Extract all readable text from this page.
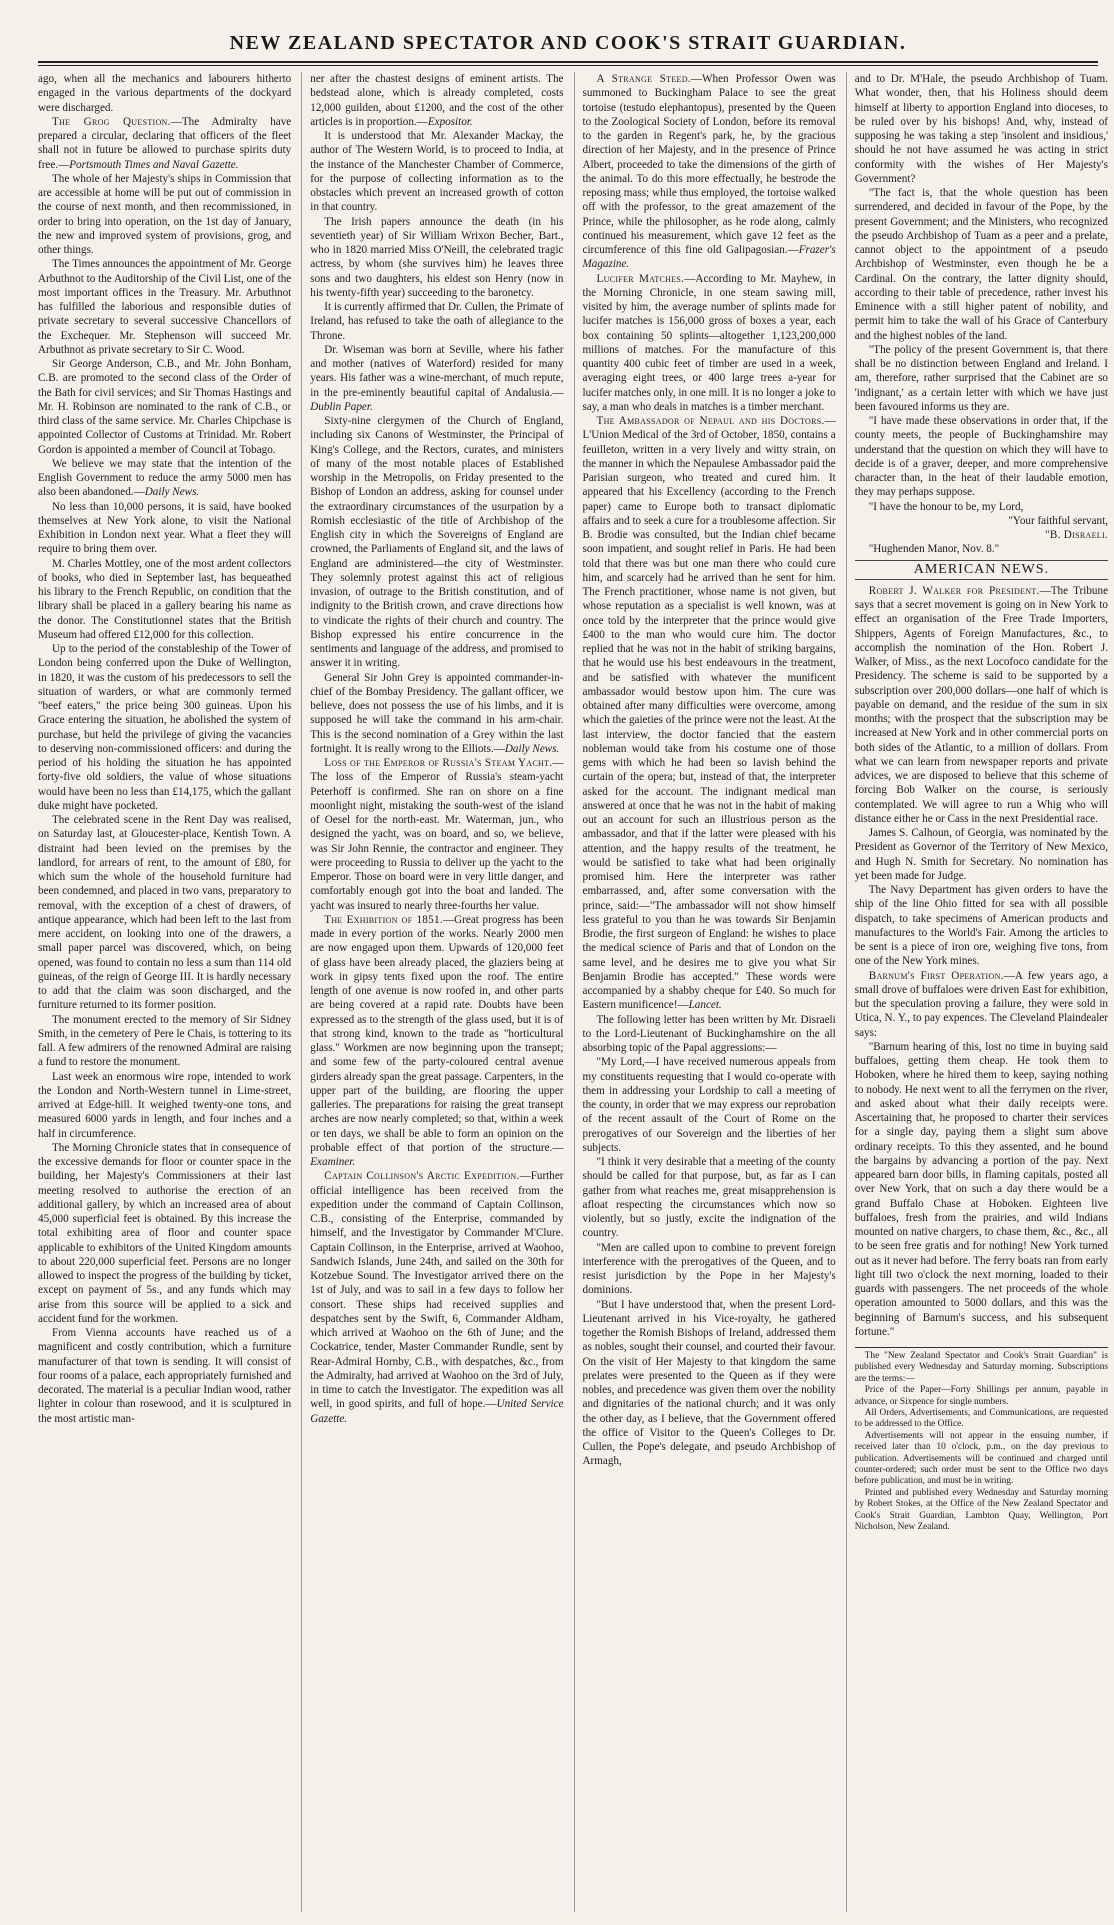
NEW ZEALAND SPECTATOR AND COOK'S STRAIT GUARDIAN.

ago, when all the mechanics and labourers hitherto engaged in the various departments of the dockyard were discharged.

The Grog Question.—The Admiralty have prepared a circular, declaring that officers of the fleet shall not in future be allowed to purchase spirits duty free.—Portsmouth Times and Naval Gazette.

The whole of her Majesty's ships in Commission that are accessible at home will be put out of commission in the course of next month, and then recommissioned, in order to bring into operation, on the 1st day of January, the new and improved system of provisions, grog, and other things.

The Times announces the appointment of Mr. George Arbuthnot to the Auditorship of the Civil List, one of the most important offices in the Treasury. Mr. Arbuthnot has fulfilled the laborious and responsible duties of private secretary to several successive Chancellors of the Exchequer. Mr. Stephenson will succeed Mr. Arbuthnot as private secretary to Sir C. Wood.

Sir George Anderson, C.B., and Mr. John Bonham, C.B. are promoted to the second class of the Order of the Bath for civil services; and Sir Thomas Hastings and Mr. H. Robinson are nominated to the rank of C.B., or third class of the same service. Mr. Charles Chipchase is appointed Collector of Customs at Trinidad. Mr. Robert Gordon is appointed a member of Council at Tobago.

We believe we may state that the intention of the English Government to reduce the army 5000 men has also been abandoned.—Daily News.

No less than 10,000 persons, it is said, have booked themselves at New York alone, to visit the National Exhibition in London next year. What a fleet they will require to bring them over.

M. Charles Mottley, one of the most ardent collectors of books, who died in September last, has bequeathed his library to the French Republic, on condition that the library shall be placed in a gallery bearing his name as the donor. The Constitutionnel states that the British Museum had offered £12,000 for this collection.

Up to the period of the constableship of the Tower of London being conferred upon the Duke of Wellington, in 1820, it was the custom of his predecessors to sell the situation of warders, or what are commonly termed "beef eaters," the price being 300 guineas. Upon his Grace entering the situation, he abolished the system of purchase, but held the privilege of giving the vacancies to deserving non-commissioned officers: and during the period of his holding the situation he has appointed forty-five old soldiers, the value of whose situations would have been no less than £14,175, which the gallant duke might have pocketed.

The celebrated scene in the Rent Day was realised, on Saturday last, at Gloucester-place, Kentish Town. A distraint had been levied on the premises by the landlord, for arrears of rent, to the amount of £80, for which sum the whole of the household furniture had been condemned, and placed in two vans, preparatory to removal, with the exception of a chest of drawers, of antique appearance, which had been left to the last from mere accident, on looking into one of the drawers, a small paper parcel was discovered, which, on being opened, was found to contain no less a sum than 114 old guineas, of the reign of George III. It is hardly necessary to add that the claim was soon discharged, and the furniture returned to its former position.

The monument erected to the memory of Sir Sidney Smith, in the cemetery of Pere le Chais, is tottering to its fall. A few admirers of the renowned Admiral are raising a fund to restore the monument.

Last week an enormous wire rope, intended to work the London and North-Western tunnel in Lime-street, arrived at Edge-hill. It weighed twenty-one tons, and measured 6000 yards in length, and four inches and a half in circumference.

The Morning Chronicle states that in consequence of the excessive demands for floor or counter space in the building, her Majesty's Commissioners at their last meeting resolved to authorise the erection of an additional gallery, by which an increased area of about 45,000 superficial feet is obtained. By this increase the total exhibiting area of floor and counter space applicable to exhibitors of the United Kingdom amounts to about 220,000 superficial feet. Persons are no longer allowed to inspect the progress of the building by ticket, except on payment of 5s., and any funds which may arise from this source will be applied to a sick and accident fund for the workmen.

From Vienna accounts have reached us of a magnificent and costly contribution, which a furniture manufacturer of that town is sending. It will consist of four rooms of a palace, each appropriately furnished and decorated. The material is a peculiar Indian wood, rather lighter in colour than rosewood, and it is sculptured in the most artistic man-

ner after the chastest designs of eminent artists. The bedstead alone, which is already completed, costs 12,000 guilden, about £1200, and the cost of the other articles is in proportion.—Expositor.

It is understood that Mr. Alexander Mackay, the author of The Western World, is to proceed to India, at the instance of the Manchester Chamber of Commerce, for the purpose of collecting information as to the obstacles which prevent an increased growth of cotton in that country.

The Irish papers announce the death (in his seventieth year) of Sir William Wrixon Becher, Bart., who in 1820 married Miss O'Neill, the celebrated tragic actress, by whom (she survives him) he leaves three sons and two daughters, his eldest son Henry (now in his twenty-fifth year) succeeding to the baronetcy.

It is currently affirmed that Dr. Cullen, the Primate of Ireland, has refused to take the oath of allegiance to the Throne.

Dr. Wiseman was born at Seville, where his father and mother (natives of Waterford) resided for many years. His father was a wine-merchant, of much repute, in the pre-eminently beautiful capital of Andalusia.—Dublin Paper.

Sixty-nine clergymen of the Church of England, including six Canons of Westminster, the Principal of King's College, and the Rectors, curates, and ministers of many of the most notable places of Established worship in the Metropolis, on Friday presented to the Bishop of London an address, asking for counsel under the extraordinary circumstances of the usurpation by a Romish ecclesiastic of the title of Archbishop of the English city in which the Sovereigns of England are crowned, the Parliaments of England sit, and the laws of England are administered—the city of Westminster. They solemnly protest against this act of religious invasion, of outrage to the British constitution, and of indignity to the British crown, and crave directions how to vindicate the rights of their church and country. The Bishop expressed his entire concurrence in the sentiments and language of the address, and promised to answer it in writing.

General Sir John Grey is appointed commander-in-chief of the Bombay Presidency. The gallant officer, we believe, does not possess the use of his limbs, and it is supposed he will take the command in his arm-chair. This is the second nomination of a Grey within the last fortnight. It is really wrong to the Elliots.—Daily News.

Loss of the Emperor of Russia's Steam Yacht.—The loss of the Emperor of Russia's steam-yacht Peterhoff is confirmed. She ran on shore on a fine moonlight night, mistaking the south-west of the island of Oesel for the north-east. Mr. Waterman, jun., who designed the yacht, was on board, and so, we believe, was Sir John Rennie, the contractor and engineer. They were proceeding to Russia to deliver up the yacht to the Emperor. Those on board were in very little danger, and comfortably enough got into the boat and landed. The yacht was insured to nearly three-fourths her value.

The Exhibition of 1851.—Great progress has been made in every portion of the works. Nearly 2000 men are now engaged upon them. Upwards of 120,000 feet of glass have been already placed, the glaziers being at work in gipsy tents fixed upon the roof. The entire length of one avenue is now roofed in, and other parts are being covered at a rapid rate. Doubts have been expressed as to the strength of the glass used, but it is of that strong kind, known to the trade as "horticultural glass." Workmen are now beginning upon the transept; and some few of the party-coloured central avenue girders already span the great passage. Carpenters, in the upper part of the building, are flooring the upper galleries. The preparations for raising the great transept arches are now nearly completed; so that, within a week or ten days, we shall be able to form an opinion on the probable effect of that portion of the structure.—Examiner.

Captain Collinson's Arctic Expedition.—Further official intelligence has been received from the expedition under the command of Captain Collinson, C.B., consisting of the Enterprise, commanded by himself, and the Investigator by Commander M'Clure. Captain Collinson, in the Enterprise, arrived at Waohoo, Sandwich Islands, June 24th, and sailed on the 30th for Kotzebue Sound. The Investigator arrived there on the 1st of July, and was to sail in a few days to follow her consort. These ships had received supplies and despatches sent by the Swift, 6, Commander Aldham, which arrived at Waohoo on the 6th of June; and the Cockatrice, tender, Master Commander Rundle, sent by Rear-Admiral Hornby, C.B., with despatches, &c., from the Admiralty, had arrived at Waohoo on the 3rd of July, in time to catch the Investigator. The expedition was all well, in good spirits, and full of hope.—United Service Gazette.

A Strange Steed.—When Professor Owen was summoned to Buckingham Palace to see the great tortoise (testudo elephantopus), presented by the Queen to the Zoological Society of London, before its removal to the garden in Regent's park, he, by the gracious direction of her Majesty, and in the presence of Prince Albert, proceeded to take the dimensions of the girth of the animal. To do this more effectually, he bestrode the reposing mass; while thus employed, the tortoise walked off with the professor, to the great amazement of the Prince, while the philosopher, as he rode along, calmly continued his measurement, which gave 12 feet as the circumference of this fine old Galipagosian.—Frazer's Magazine.

Lucifer Matches.—According to Mr. Mayhew, in the Morning Chronicle, in one steam sawing mill, visited by him, the average number of splints made for lucifer matches is 156,000 gross of boxes a year, each box containing 50 splints—altogether 1,123,200,000 millions of matches. For the manufacture of this quantity 400 cubic feet of timber are used in a week, averaging eight trees, or 400 large trees a-year for lucifer matches only, in one mill. It is no longer a joke to say, a man who deals in matches is a timber merchant.

The Ambassador of Nepaul and his Doctors.—L'Union Medical of the 3rd of October, 1850, contains a feuilleton, written in a very lively and witty strain, on the manner in which the Nepaulese Ambassador paid the Parisian surgeon, who treated and cured him. It appeared that his Excellency (according to the French paper) came to Europe both to transact diplomatic affairs and to seek a cure for a troublesome affection. Sir B. Brodie was consulted, but the Indian chief became soon impatient, and sought relief in Paris. He had been told that there was but one man there who could cure him, and scarcely had he arrived than he sent for him. The French practitioner, whose name is not given, but whose reputation as a specialist is well known, was at once told by the interpreter that the prince would give £400 to the man who would cure him. The doctor replied that he was not in the habit of striking bargains, that he would use his best endeavours in the treatment, and be satisfied with whatever the munificent ambassador would bestow upon him. The cure was obtained after many difficulties were overcome, among which the gaieties of the prince were not the least. At the last interview, the doctor fancied that the eastern nobleman would take from his costume one of those gems with which he had been so lavish behind the curtain of the opera; but, instead of that, the interpreter asked for the account. The indignant medical man answered at once that he was not in the habit of making out an account for such an illustrious person as the ambassador, and that if the latter were pleased with his attention, and the happy results of the treatment, he would be satisfied to take what had been originally promised him. Here the interpreter was rather embarrassed, and, after some conversation with the prince, said:—"The ambassador will not show himself less grateful to you than he was towards Sir Benjamin Brodie, the first surgeon of England: he wishes to place the medical science of Paris and that of London on the same level, and he desires me to give you what Sir Benjamin Brodie has accepted." These words were accompanied by a shabby cheque for £40. So much for Eastern munificence!—Lancet.

The following letter has been written by Mr. Disraeli to the Lord-Lieutenant of Buckinghamshire on the all absorbing topic of the Papal aggressions:—

"My Lord,—I have received numerous appeals from my constituents requesting that I would co-operate with them in addressing your Lordship to call a meeting of the county, in order that we may express our reprobation of the recent assault of the Court of Rome on the prerogatives of our Sovereign and the liberties of her subjects.

"I think it very desirable that a meeting of the county should be called for that purpose, but, as far as I can gather from what reaches me, great misapprehension is afloat respecting the circumstances which now so violently, but so justly, excite the indignation of the country.

"Men are called upon to combine to prevent foreign interference with the prerogatives of the Queen, and to resist jurisdiction by the Pope in her Majesty's dominions.

"But I have understood that, when the present Lord-Lieutenant arrived in his Vice-royalty, he gathered together the Romish Bishops of Ireland, addressed them as nobles, sought their counsel, and courted their favour. On the visit of Her Majesty to that kingdom the same prelates were presented to the Queen as if they were nobles, and precedence was given them over the nobility and dignitaries of the national church; and it was only the other day, as I believe, that the Government offered the office of Visitor to the Queen's Colleges to Dr. Cullen, the Pope's delegate, and pseudo Archbishop of Armagh,

and to Dr. M'Hale, the pseudo Archbishop of Tuam. What wonder, then, that his Holiness should deem himself at liberty to apportion England into dioceses, to be ruled over by his bishops! And, why, instead of supposing he was taking a step 'insolent and insidious,' should he not have assumed he was acting in strict conformity with the wishes of Her Majesty's Government?

"The fact is, that the whole question has been surrendered, and decided in favour of the Pope, by the present Government; and the Ministers, who recognized the pseudo Archbishop of Tuam as a peer and a prelate, cannot object to the appointment of a pseudo Archbishop of Westminster, even though he be a Cardinal. On the contrary, the latter dignity should, according to their table of precedence, rather invest his Eminence with a still higher patent of nobility, and permit him to take the wall of his Grace of Canterbury and the highest nobles of the land.

"The policy of the present Government is, that there shall be no distinction between England and Ireland. I am, therefore, rather surprised that the Cabinet are so 'indignant,' as a certain letter with which we have just been favoured informs us they are.

"I have made these observations in order that, if the county meets, the people of Buckinghamshire may understand that the question on which they will have to decide is of a graver, deeper, and more comprehensive character than, in the heat of their laudable emotion, they may perhaps suppose.

"I have the honour to be, my Lord,

"Your faithful servant,

"B. Disraeli.

"Hughenden Manor, Nov. 8."

AMERICAN NEWS.

Robert J. Walker for President.—The Tribune says that a secret movement is going on in New York to effect an organisation of the Free Trade Importers, Shippers, Agents of Foreign Manufactures, &c., to accomplish the nomination of the Hon. Robert J. Walker, of Miss., as the next Locofoco candidate for the Presidency. The scheme is said to be supported by a subscription over 200,000 dollars—one half of which is payable on demand, and the residue of the sum in six months; with the prospect that the subscription may be increased at New York and in other commercial ports on both sides of the Atlantic, to a million of dollars. From what we can learn from newspaper reports and private advices, we are disposed to believe that this scheme of forcing Bob Walker on the course, is seriously contemplated. We will agree to run a Whig who will distance either he or Cass in the next Presidential race.

James S. Calhoun, of Georgia, was nominated by the President as Governor of the Territory of New Mexico, and Hugh N. Smith for Secretary. No nomination has yet been made for Judge.

The Navy Department has given orders to have the ship of the line Ohio fitted for sea with all possible dispatch, to take specimens of American products and manufactures to the World's Fair. Among the articles to be sent is a piece of iron ore, weighing five tons, from one of the New York mines.

Barnum's First Operation.—A few years ago, a small drove of buffaloes were driven East for exhibition, but the speculation proving a failure, they were sold in Utica, N. Y., to pay expences. The Cleveland Plaindealer says:

"Barnum hearing of this, lost no time in buying said buffaloes, getting them cheap. He took them to Hoboken, where he hired them to keep, saying nothing to nobody. He next went to all the ferrymen on the river, and asked about what their daily receipts were. Ascertaining that, he proposed to charter their services for a single day, paying them a slight sum above ordinary receipts. To this they assented, and he bound the bargains by advancing a portion of the pay. Next appeared barn door bills, in flaming capitals, posted all over New York, that on such a day there would be a grand Buffalo Chase at Hoboken. Eighteen live buffaloes, fresh from the prairies, and wild Indians mounted on native chargers, to chase them, &c., &c., all to be seen free gratis and for nothing! New York turned out as it never had before. The ferry boats ran from early light till two o'clock the next morning, loaded to their guards with passengers. The net proceeds of the whole operation amounted to 5000 dollars, and this was the beginning of Barnum's success, and his subsequent fortune."

The "New Zealand Spectator and Cook's Strait Guardian" is published every Wednesday and Saturday morning. Subscriptions are the terms:—

Price of the Paper—Forty Shillings per annum, payable in advance, or Sixpence for single numbers.

All Orders, Advertisements, and Communications, are requested to be addressed to the Office.

Advertisements will not appear in the ensuing number, if received later than 10 o'clock, p.m., on the day previous to publication. Advertisements will be continued and charged until counter-ordered; such order must be sent to the Office two days before publication, and must be in writing.

Printed and published every Wednesday and Saturday morning by Robert Stokes, at the Office of the New Zealand Spectator and Cook's Strait Guardian, Lambton Quay, Wellington, Port Nicholson, New Zealand.
